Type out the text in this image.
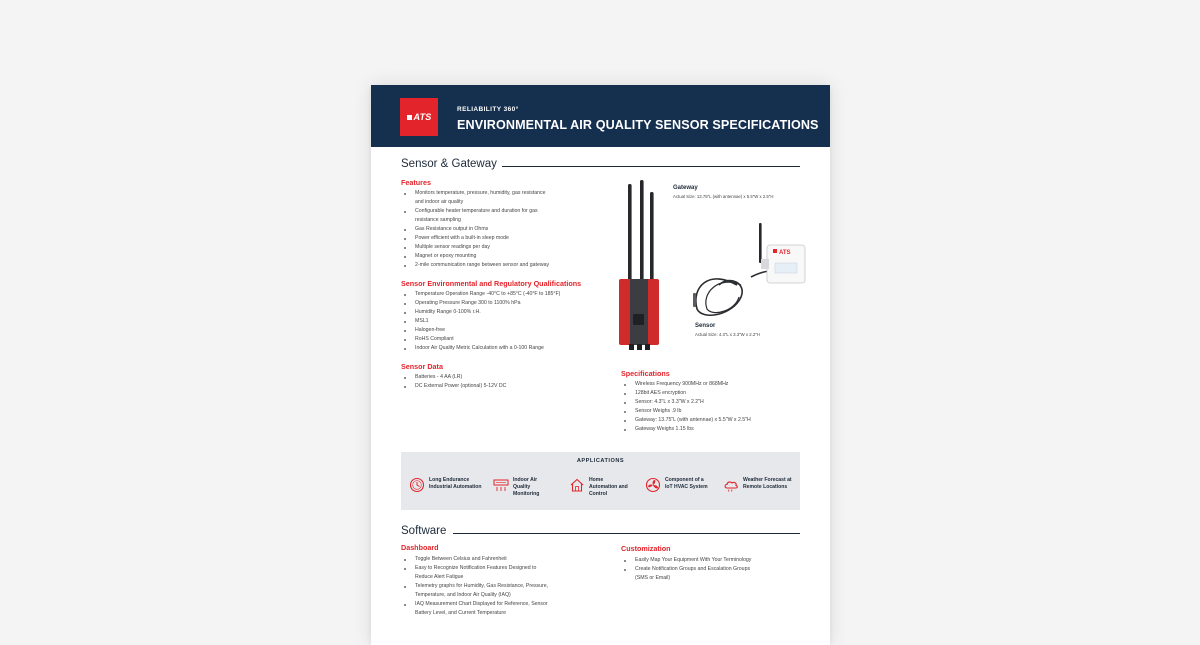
ATS
RELIABILITY 360°
ENVIRONMENTAL AIR QUALITY SENSOR SPECIFICATIONS
Sensor & Gateway
Features
Monitors temperature, pressure, humidity, gas resistance
and indoor air quality
Configurable heater temperature and duration for gas
resistance sampling
Gas Resistance output in Ohms
Power efficient with a built-in sleep mode
Multiple sensor readings per day
Magnet or epoxy mounting
2-mile communication range between sensor and gateway
Sensor Environmental and Regulatory Qualifications
Temperature Operation Range -40°C to +85°C (-40°F to 185°F)
Operating Pressure Range 300 to 1100% hPa
Humidity Range 0-100% r.H.
MSL1
Halogen-free
RoHS Compliant
Indoor Air Quality Metric Calculation with a 0-100 Range
Sensor Data
Batteries - 4 AA (LR)
DC External Power (optional) 5-12V DC
Gateway
Actual Size: 13.75"L (with antennae) x 5.5"W x 2.5"H
ATS
Sensor
Actual Size: 4.3"L x 3.3"W x 2.2"H
Specifications
Wireless Frequency 900MHz or 868MHz
128bit AES encryption
Sensor: 4.3"L x 3.3"W x 2.2"H
Sensor Weighs .9 lb
Gateway: 13.75"L (with antennae) x 5.5"W x 2.5"H
Gateway Weighs 1.15 lbs
APPLICATIONS
Long Endurance Industrial Automation
Indoor Air Quality Monitoring
Home Automation and Control
Component of a IoT HVAC System
Weather Forecast at Remote Locations
Software
Dashboard
Toggle Between Celsius and Fahrenheit
Easy to Recognize Notification Features Designed to
Reduce Alert Fatigue
Telemetry graphs for Humidity, Gas Resistance, Pressure,
Temperature, and Indoor Air Quality (IAQ)
IAQ Measurement Chart Displayed for Reference, Sensor
Battery Level, and Current Temperature
Customization
Easily Map Your Equipment With Your Terminology
Create Notification Groups and Escalation Groups
(SMS or Email)
